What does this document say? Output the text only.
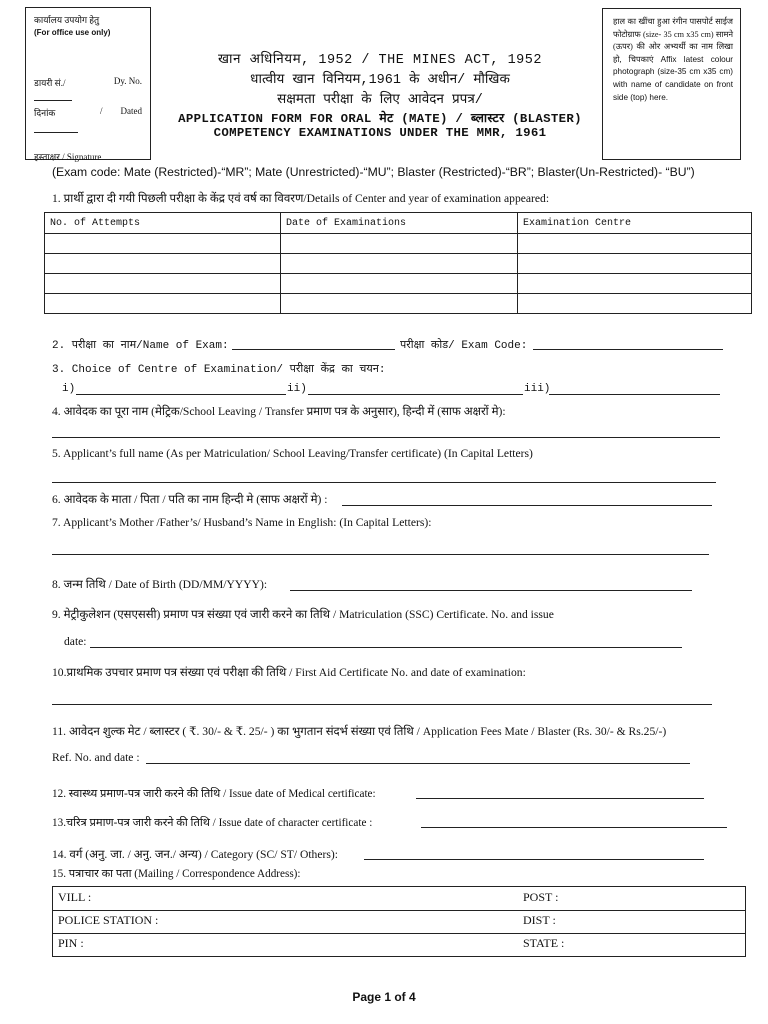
कार्यालय उपयोग हेतु
(For office use only)
डायरी सं./	Dy. No.
दिनांक	/ Dated
हस्ताक्षर / Signature
हाल का खींचा हुआ रंगीन पासपोर्ट साईज फोटोग्राफ (size- 35 cm x35 cm) सामने (ऊपर) की ओर अभ्यर्थी का नाम लिखा हो, चिपकाएं Affix latest colour photograph (size-35 cm x35 cm) with name of candidate on front side (top) here.
खान अधिनियम, 1952 / THE MINES ACT, 1952
धात्वीय खान विनियम,1961 के अधीन/ मौखिक
सक्षमता परीक्षा के लिए आवेदन प्रपत्र/
APPLICATION FORM FOR ORAL मेट (MATE) / ब्लास्टर (BLASTER)
COMPETENCY EXAMINATIONS UNDER THE MMR, 1961
(Exam code: Mate (Restricted)-“MR”; Mate (Unrestricted)-“MU”; Blaster (Restricted)-“BR”; Blaster(Un-Restricted)- “BU”)
1. प्रार्थी द्वारा दी गयी पिछली परीक्षा के केंद्र एवं वर्ष का विवरण/Details of Center and year of examination appeared:
No. of Attempts	Date of Examinations	Examination Centre

2. परीक्षा का नाम/Name of Exam:	परीक्षा कोड/ Exam Code:
3. Choice of Centre of Examination/ परीक्षा केंद्र का चयन:
i)	ii)	iii)
4. आवेदक का पूरा नाम (मेट्रिक/School Leaving / Transfer प्रमाण पत्र के अनुसार), हिन्दी में (साफ अक्षरों मे):
5. Applicant’s full name (As per Matriculation/ School Leaving/Transfer certificate) (In Capital Letters)
6. आवेदक के माता / पिता / पति का नाम हिन्दी मे (साफ अक्षरों मे) :
7. Applicant’s Mother /Father’s/ Husband’s Name in English: (In Capital Letters):
8. जन्म तिथि / Date of Birth (DD/MM/YYYY):
9. मेट्रीकुलेशन (एसएससी) प्रमाण पत्र संख्या एवं जारी करने का तिथि / Matriculation (SSC) Certificate. No. and issue
date:
10.प्राथमिक उपचार प्रमाण पत्र संख्या एवं परीक्षा की तिथि / First Aid Certificate No. and date of examination:
11. आवेदन शुल्क मेट / ब्लास्टर ( ₹. 30/- & ₹. 25/- ) का भुगतान संदर्भ संख्या एवं तिथि / Application Fees Mate / Blaster (Rs. 30/- & Rs.25/-)
Ref. No. and date :
12. स्वास्थ्य प्रमाण-पत्र जारी करने की तिथि / Issue date of Medical certificate:
13.चरित्र प्रमाण-पत्र जारी करने की तिथि / Issue date of character certificate :
14. वर्ग (अनु. जा. / अनु. जन./ अन्य) / Category (SC/ ST/ Others):
15. पत्राचार का पता (Mailing / Correspondence Address):
VILL :	POST :
POLICE STATION :	DIST :
PIN :	STATE :
Page 1 of 4
